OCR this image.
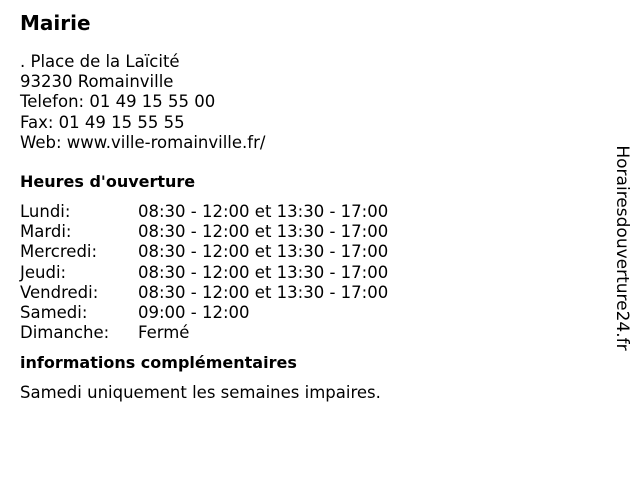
Mairie
. Place de la Laïcité
93230 Romainville
Telefon: 01 49 15 55 00
Fax: 01 49 15 55 55
Web: www.ville-romainville.fr/
Heures d'ouverture
Lundi:	08:30 - 12:00 et 13:30 - 17:00
Mardi:	08:30 - 12:00 et 13:30 - 17:00
Mercredi: 08:30 - 12:00 et 13:30 - 17:00
Jeudi:	08:30 - 12:00 et 13:30 - 17:00
Vendredi: 08:30 - 12:00 et 13:30 - 17:00
Samedi:	09:00 - 12:00
Dimanche: Fermé
informations complémentaires
Samedi uniquement les semaines impaires.
Horairesdouverture24.fr
